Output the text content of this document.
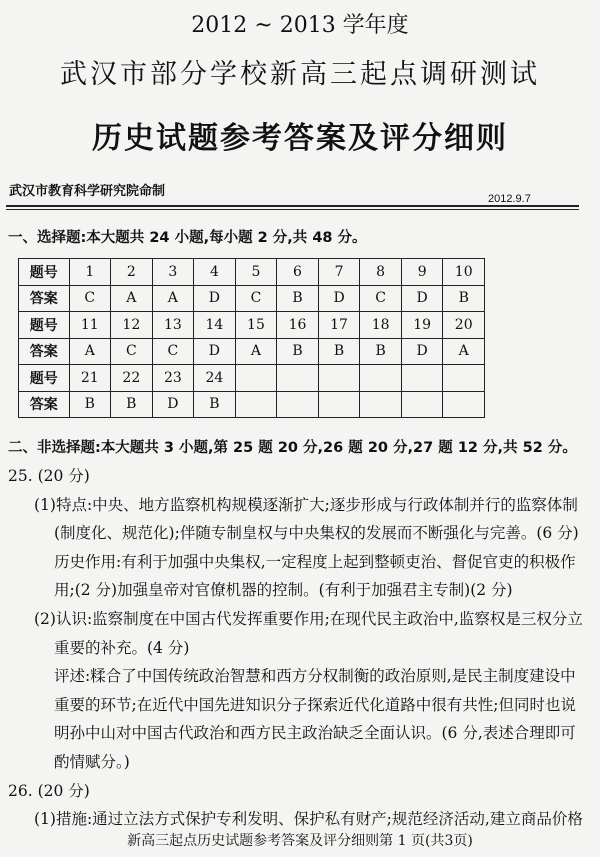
2012 ~ 2013 学年度
武汉市部分学校新高三起点调研测试
历史试题参考答案及评分细则
武汉市教育科学研究院命制	2012.9.7
一、选择题:本大题共 24 小题,每小题 2 分,共 48 分。
题号	1	2	3	4	5	6	7	8	9	10
答案	C	A	A	D	C	B	D	C	D	B
题号	11	12	13	14	15	16	17	18	19	20
答案	A	C	C	D	A	B	B	B	D	A
题号	21	22	23	24						
答案	B	B	D	B						
二、非选择题:本大题共 3 小题,第 25 题 20 分,26 题 20 分,27 题 12 分,共 52 分。
25. (20 分)
(1)特点:中央、地方监察机构规模逐渐扩大;逐步形成与行政体制并行的监察体制
(制度化、规范化);伴随专制皇权与中央集权的发展而不断强化与完善。(6 分)
历史作用:有利于加强中央集权,一定程度上起到整顿吏治、督促官吏的积极作
用;(2 分)加强皇帝对官僚机器的控制。(有利于加强君主专制)(2 分)
(2)认识:监察制度在中国古代发挥重要作用;在现代民主政治中,监察权是三权分立
重要的补充。(4 分)
评述:糅合了中国传统政治智慧和西方分权制衡的政治原则,是民主制度建设中
重要的环节;在近代中国先进知识分子探索近代化道路中很有共性;但同时也说
明孙中山对中国古代政治和西方民主政治缺乏全面认识。(6 分,表述合理即可
酌情赋分。)
26. (20 分)
(1)措施:通过立法方式保护专利发明、保护私有财产;规范经济活动,建立商品价格
新高三起点历史试题参考答案及评分细则第 1 页(共3页)
